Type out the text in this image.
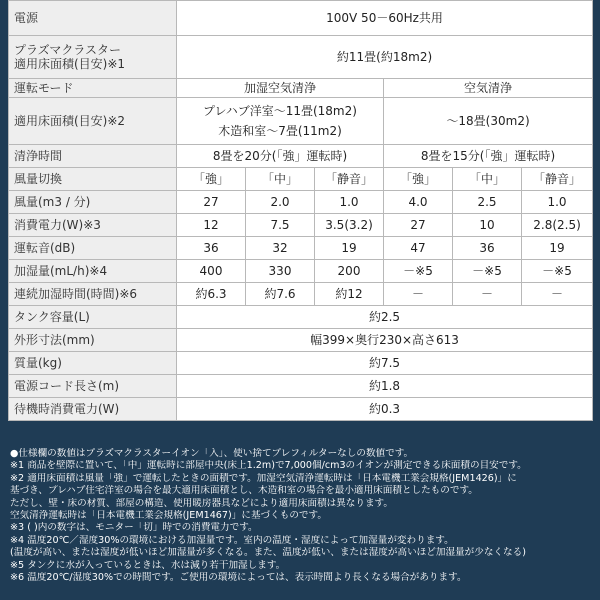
電源	100V 50－60Hz共用					

プラズマクラスター
適用床面積(目安)※1	約11畳(約18m2)					
運転モード	加湿空気清浄			空気清浄		
適用床面積(目安)※2	プレハブ洋室～11畳(18m2)
木造和室～7畳(11m2)			～18畳(30m2)		
清浄時間	8畳を20分(「強」運転時)			8畳を15分(「強」運転時)		
風量切換	「強」	「中」	「静音」	「強」	「中」	「静音」
風量(m3 / 分)	27	2.0	1.0	4.0	2.5	1.0
消費電力(W)※3	12	7.5	3.5(3.2)	27	10	2.8(2.5)
運転音(dB)	36	32	19	47	36	19
加湿量(mL/h)※4	400	330	200	－※5	－※5	－※5
連続加湿時間(時間)※6	約6.3	約7.6	約12	－	－	－
タンク容量(L)	約2.5					
外形寸法(mm)	幅399×奥行230×高さ613					
質量(kg)	約7.5					
電源コード長さ(m)	約1.8					
待機時消費電力(W)	約0.3					
●仕様欄の数値はプラズマクラスターイオン「入」、使い捨てプレフィルターなしの数値です。
※1 商品を壁際に置いて、「中」運転時に部屋中央(床上1.2m)で7,000個/cm3のイオンが測定できる床面積の目安です。
※2 適用床面積は風量「強」で運転したときの面積です。加湿空気清浄運転時は「日本電機工業会規格(JEM1426)」に
基づき、プレハブ住宅洋室の場合を最大適用床面積とし、木造和室の場合を最小適用床面積としたものです。
ただし、壁・床の材質、部屋の構造、使用暖房器具などにより適用床面積は異なります。
空気清浄運転時は「日本電機工業会規格(JEM1467)」に基づくものです。
※3 ( )内の数字は、モニター「切」時での消費電力です。
※4 温度20℃／湿度30%の環境における加湿量です。室内の温度・湿度によって加湿量が変わります。
(温度が高い、または湿度が低いほど加湿量が多くなる。また、温度が低い、または湿度が高いほど加湿量が少なくなる)
※5 タンクに水が入っているときは、水は減り若干加湿します。
※6 温度20℃/湿度30%での時間です。ご使用の環境によっては、表示時間より長くなる場合があります。
